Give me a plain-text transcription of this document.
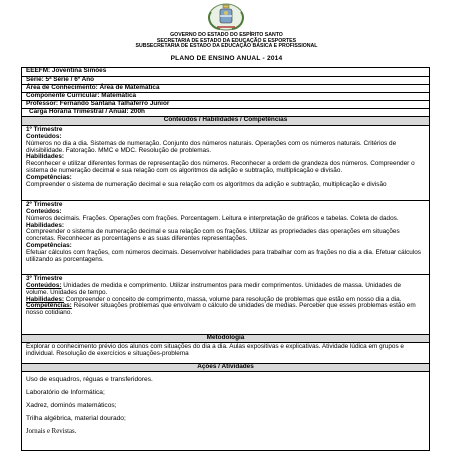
GOVERNO DO ESTADO DO ESPÍRITO SANTO
SECRETARIA DE ESTADO DA EDUCAÇÃO E ESPORTES
SUBSECRETARIA DE ESTADO DA EDUCAÇÃO BÁSICA E PROFISSIONAL
PLANO DE ENSINO ANUAL - 2014
EEEFM: Joventina Simões
Série: 5ª Série / 6º Ano
Área de Conhecimento: Área de Matemática
Componente Curricular: Matemática
Professor: Fernando Santana Talhaferro Junior
Carga Horária Trimestral / Anual: 200h
Conteúdos / Habilidades / Competências

1º Trimestre

Conteúdos:

Números no dia a dia. Sistemas de numeração. Conjunto dos números naturais. Operações com os números naturais. Critérios de divisibilidade. Fatoração. MMC e MDC. Resolução de problemas.

Habilidades:

Reconhecer e utilizar diferentes formas de representação dos números. Reconhecer a ordem de grandeza dos números. Compreender o sistema de numeração decimal e sua relação com os algoritmos da adição e subtração, multiplicação e divisão.

Competências:

Compreender o sistema de numeração decimal e sua relação com os algoritmos da adição e subtração, multiplicação e divisão

2º Trimestre

Conteúdos:

Números decimais. Frações. Operações com frações. Porcentagem. Leitura e interpretação de gráficos e tabelas. Coleta de dados.

Habilidades:

Compreender o sistema de numeração decimal e sua relação com os frações. Utilizar as propriedades das operações em situações concretas. Reconhecer as porcentagens e as suas diferentes representações.

Competências:

Efetuar cálculos com frações, com números decimais. Desenvolver habilidades para trabalhar com as frações no dia a dia. Efetuar cálculos utilizando as porcentagens.

3º Trimestre

Conteúdos: Unidades de medida e comprimento. Utilizar instrumentos para medir comprimentos. Unidades de massa. Unidades de volume. Unidades de tempo.

Habilidades: Compreender o conceito de comprimento, massa, volume para resolução de problemas que estão em nosso dia a dia.

Competências: Resolver situações problemas que envolvam o cálculo de unidades de medias. Perceber que esses problemas estão em nosso cotidiano.

Metodologia
Explorar o conhecimento prévio dos alunos com situações do dia a dia. Aulas expositivas e explicativas. Atividade lúdica em grupos e individual. Resolução de exercícios e situações-problema
Ações / Atividades
Uso de esquadros, réguas e transferidores.
Laboratório de Informática;
Xadrez, dominós matemáticos;
Trilha algébrica, material dourado;
Jornais e Revistas.
